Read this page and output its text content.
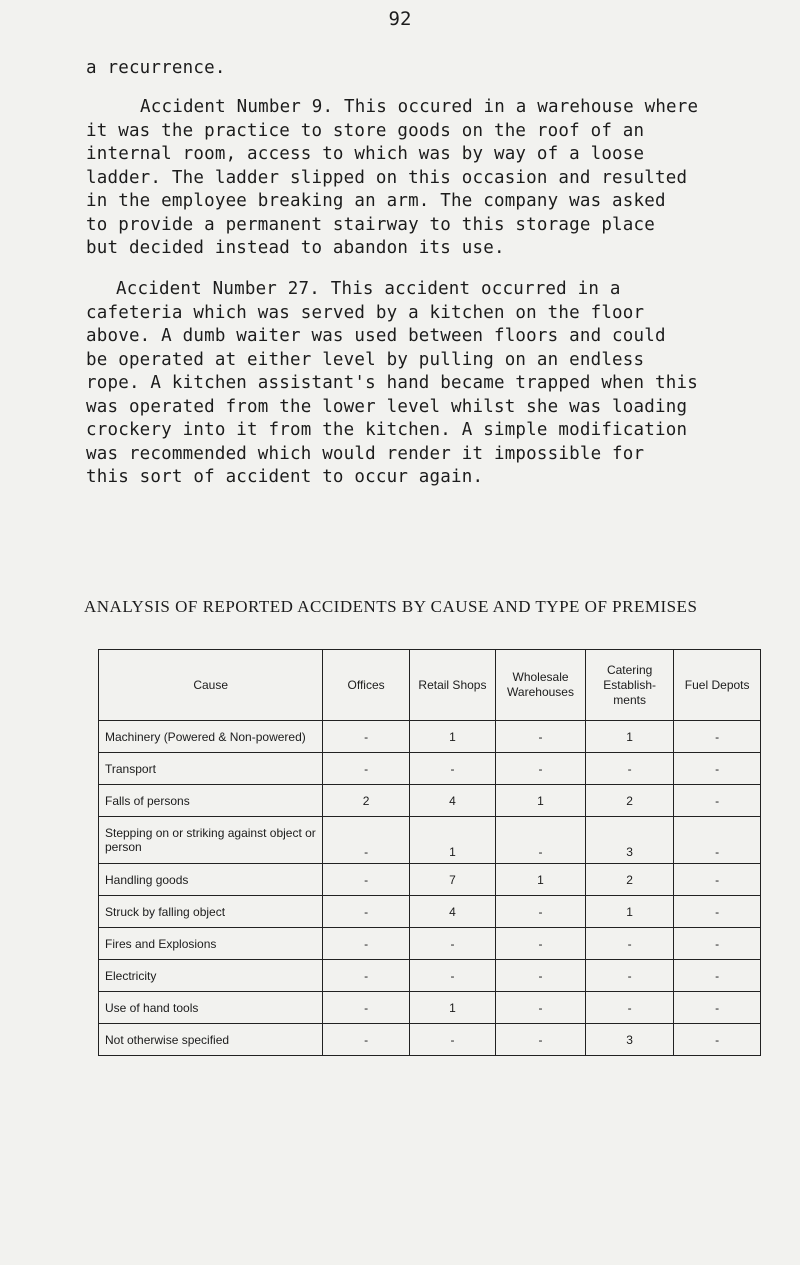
92
a recurrence.
Accident Number 9. This occured in a warehouse where
it was the practice to store goods on the roof of an
internal room, access to which was by way of a loose
ladder. The ladder slipped on this occasion and resulted
in the employee breaking an arm. The company was asked
to provide a permanent stairway to this storage place
but decided instead to abandon its use.
Accident Number 27. This accident occurred in a
cafeteria which was served by a kitchen on the floor
above. A dumb waiter was used between floors and could
be operated at either level by pulling on an endless
rope. A kitchen assistant's hand became trapped when this
was operated from the lower level whilst she was loading
crockery into it from the kitchen. A simple modification
was recommended which would render it impossible for
this sort of accident to occur again.
ANALYSIS OF REPORTED ACCIDENTS BY CAUSE AND TYPE OF PREMISES
Cause	Offices	Retail Shops	Wholesale Warehouses	Catering Establish-ments	Fuel Depots
Machinery (Powered & Non-powered)	-	1	-	1	-
Transport	-	-	-	-	-
Falls of persons	2	4	1	2	-
Stepping on or striking against object or person	-	1	-	3	-
Handling goods	-	7	1	2	-
Struck by falling object	-	4	-	1	-
Fires and Explosions	-	-	-	-	-
Electricity	-	-	-	-	-
Use of hand tools	-	1	-	-	-
Not otherwise specified	-	-	-	3	-
